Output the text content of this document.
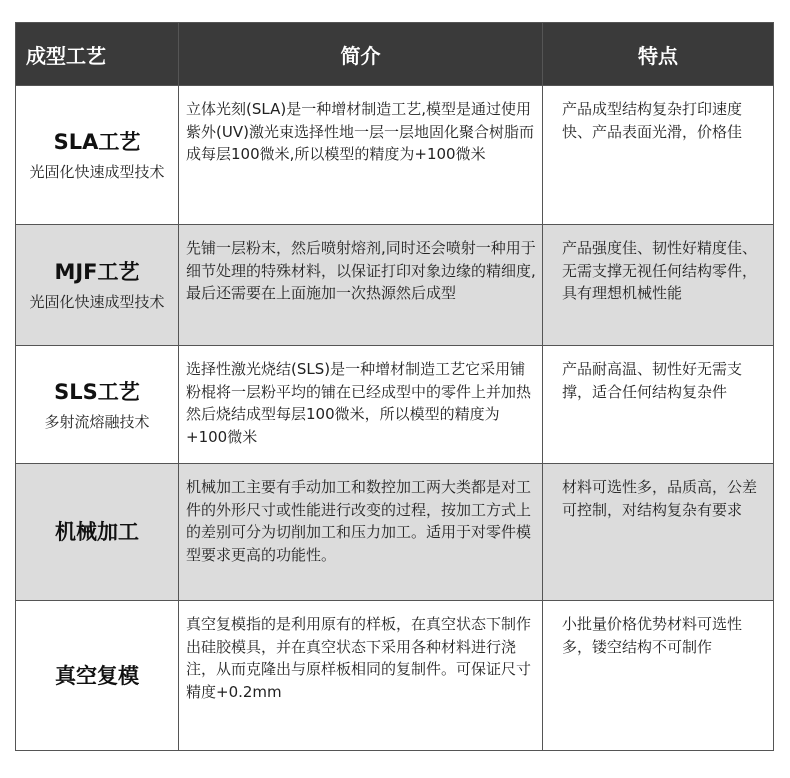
成型工艺	简介	特点

SLA工艺
光固化快速成型技术	立体光刻(SLA)是一种增材制造工艺,模型是通过使用紫外(UV)激光束选择性地一层一层地固化聚合树脂而成每层100微米,所以模型的精度为+100微米	产品成型结构复杂打印速度快、产品表面光滑，价格佳

MJF工艺
光固化快速成型技术	先铺一层粉末，然后喷射熔剂,同时还会喷射一种用于细节处理的特殊材料，以保证打印对象边缘的精细度,最后还需要在上面施加一次热源然后成型	产品强度佳、韧性好精度佳、无需支撑无视任何结构零件，具有理想机械性能

SLS工艺
多射流熔融技术	选择性激光烧结(SLS)是一种增材制造工艺它采用铺粉棍将一层粉平均的铺在已经成型中的零件上并加热然后烧结成型每层100微米，所以模型的精度为+100微米	产品耐高温、韧性好无需支撑，适合任何结构复杂件

机械加工	机械加工主要有手动加工和数控加工两大类都是对工件的外形尺寸或性能进行改变的过程，按加工方式上的差别可分为切削加工和压力加工。适用于对零件模型要求更高的功能性。	材料可选性多，品质高，公差可控制，对结构复杂有要求

真空复模	真空复模指的是利用原有的样板，在真空状态下制作出硅胶模具，并在真空状态下采用各种材料进行浇注，从而克隆出与原样板相同的复制件。可保证尺寸精度+0.2mm	小批量价格优势材料可选性多，镂空结构不可制作
